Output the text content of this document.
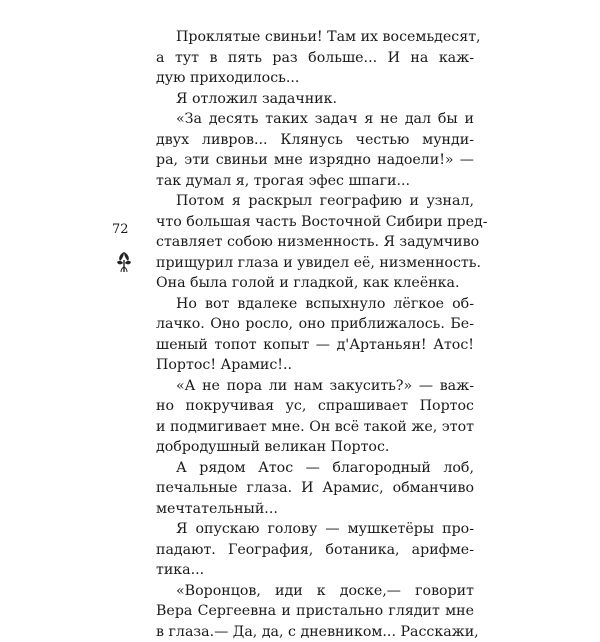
72
Проклятые свиньи! Там их восемьдесят,
а тут в пять раз больше... И на каж-
дую приходилось...
Я отложил задачник.
«За десять таких задач я не дал бы и
двух ливров... Клянусь честью мунди-
ра, эти свиньи мне изрядно надоели!» —
так думал я, трогая эфес шпаги...
Потом я раскрыл географию и узнал,
что большая часть Восточной Сибири пред-
ставляет собою низменность. Я задумчиво
прищурил глаза и увидел её, низменность.
Она была голой и гладкой, как клеёнка.
Но вот вдалеке вспыхнуло лёгкое об-
лачко. Оно росло, оно приближалось. Бе-
шеный топот копыт — д'Артаньян! Атос!
Портос! Арамис!..
«А не пора ли нам закусить?» — важ-
но покручивая ус, спрашивает Портос
и подмигивает мне. Он всё такой же, этот
добродушный великан Портос.
А рядом Атос — благородный лоб,
печальные глаза. И Арамис, обманчиво
мечтательный...
Я опускаю голову — мушкетёры про-
падают. География, ботаника, арифме-
тика...
«Воронцов, иди к доске,— говорит
Вера Сергеевна и пристально глядит мне
в глаза.— Да, да, с дневником... Расскажи,
